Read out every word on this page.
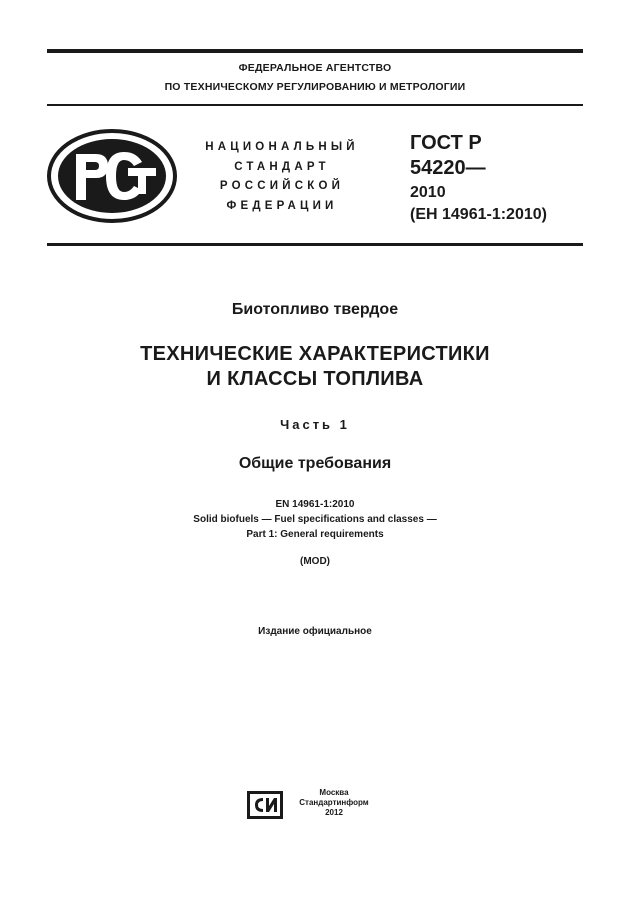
ФЕДЕРАЛЬНОЕ АГЕНТСТВО
ПО ТЕХНИЧЕСКОМУ РЕГУЛИРОВАНИЮ И МЕТРОЛОГИИ
НАЦИОНАЛЬНЫЙ
СТАНДАРТ
РОССИЙСКОЙ
ФЕДЕРАЦИИ
ГОСТ Р
54220—
2010
(ЕН 14961-1:2010)
Биотопливо твердое
ТЕХНИЧЕСКИЕ ХАРАКТЕРИСТИКИ
И КЛАССЫ ТОПЛИВА
Часть 1
Общие требования
EN 14961-1:2010
Solid biofuels — Fuel specifications and classes —
Part 1: General requirements
(MOD)
Издание официальное
Москва
Стандартинформ
2012
